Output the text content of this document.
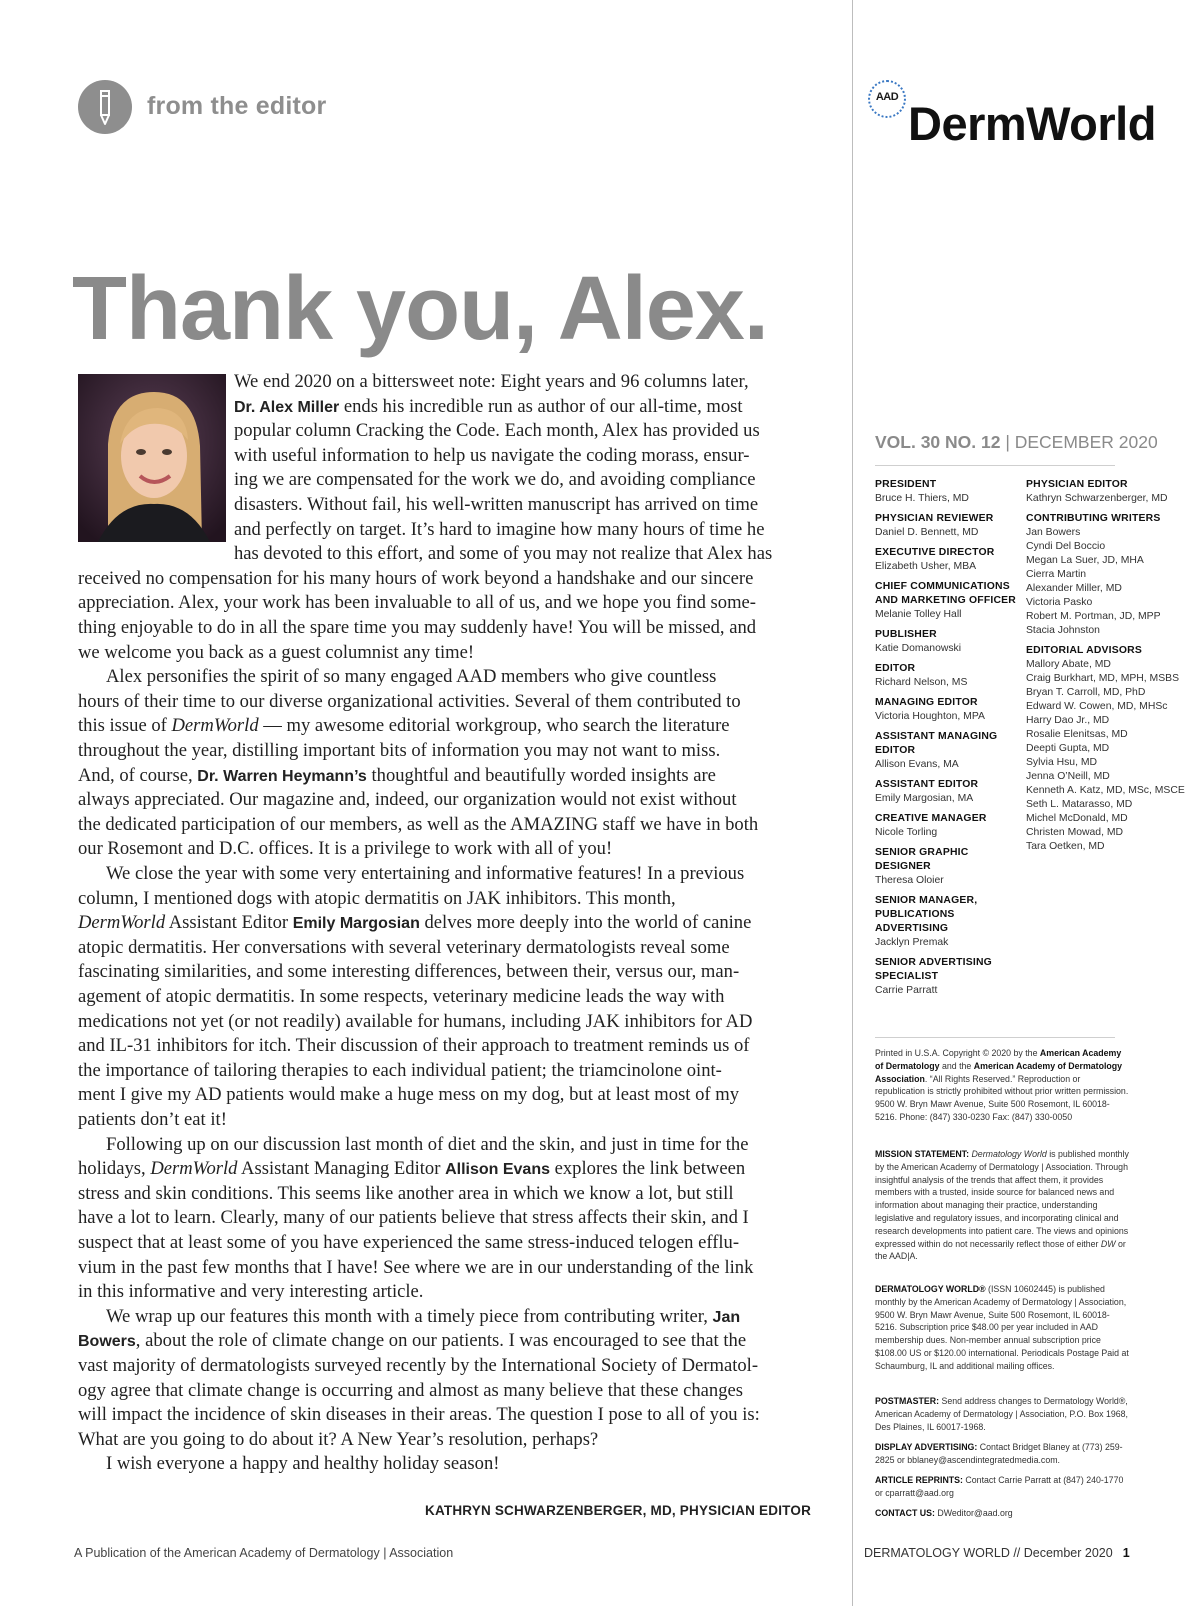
from the editor	AAD DermWorld
Thank you, Alex.
We end 2020 on a bittersweet note: Eight years and 96 columns later,
Dr. Alex Miller ends his incredible run as author of our all-time, most
popular column Cracking the Code. Each month, Alex has provided us
with useful information to help us navigate the coding morass, ensur-
ing we are compensated for the work we do, and avoiding compliance
disasters. Without fail, his well-written manuscript has arrived on time
and perfectly on target. It’s hard to imagine how many hours of time he
has devoted to this effort, and some of you may not realize that Alex has
received no compensation for his many hours of work beyond a handshake and our sincere
appreciation. Alex, your work has been invaluable to all of us, and we hope you find some-
thing enjoyable to do in all the spare time you may suddenly have! You will be missed, and
we welcome you back as a guest columnist any time!
Alex personifies the spirit of so many engaged AAD members who give countless
hours of their time to our diverse organizational activities. Several of them contributed to
this issue of DermWorld — my awesome editorial workgroup, who search the literature
throughout the year, distilling important bits of information you may not want to miss.
And, of course, Dr. Warren Heymann’s thoughtful and beautifully worded insights are
always appreciated. Our magazine and, indeed, our organization would not exist without
the dedicated participation of our members, as well as the AMAZING staff we have in both
our Rosemont and D.C. offices. It is a privilege to work with all of you!
We close the year with some very entertaining and informative features! In a previous
column, I mentioned dogs with atopic dermatitis on JAK inhibitors. This month,
DermWorld Assistant Editor Emily Margosian delves more deeply into the world of canine
atopic dermatitis. Her conversations with several veterinary dermatologists reveal some
fascinating similarities, and some interesting differences, between their, versus our, man-
agement of atopic dermatitis. In some respects, veterinary medicine leads the way with
medications not yet (or not readily) available for humans, including JAK inhibitors for AD
and IL-31 inhibitors for itch. Their discussion of their approach to treatment reminds us of
the importance of tailoring therapies to each individual patient; the triamcinolone oint-
ment I give my AD patients would make a huge mess on my dog, but at least most of my
patients don’t eat it!
Following up on our discussion last month of diet and the skin, and just in time for the
holidays, DermWorld Assistant Managing Editor Allison Evans explores the link between
stress and skin conditions. This seems like another area in which we know a lot, but still
have a lot to learn. Clearly, many of our patients believe that stress affects their skin, and I
suspect that at least some of you have experienced the same stress-induced telogen efflu-
vium in the past few months that I have! See where we are in our understanding of the link
in this informative and very interesting article.
We wrap up our features this month with a timely piece from contributing writer, Jan
Bowers, about the role of climate change on our patients. I was encouraged to see that the
vast majority of dermatologists surveyed recently by the International Society of Dermatol-
ogy agree that climate change is occurring and almost as many believe that these changes
will impact the incidence of skin diseases in their areas. The question I pose to all of you is:
What are you going to do about it? A New Year’s resolution, perhaps?
I wish everyone a happy and healthy holiday season!
KATHRYN SCHWARZENBERGER, MD, PHYSICIAN EDITOR
A Publication of the American Academy of Dermatology | Association
VOL. 30 NO. 12 | DECEMBER 2020
PRESIDENT
Bruce H. Thiers, MD
PHYSICIAN REVIEWER
Daniel D. Bennett, MD
EXECUTIVE DIRECTOR
Elizabeth Usher, MBA
CHIEF COMMUNICATIONS AND MARKETING OFFICER
Melanie Tolley Hall
PUBLISHER
Katie Domanowski
EDITOR
Richard Nelson, MS
MANAGING EDITOR
Victoria Houghton, MPA
ASSISTANT MANAGING EDITOR
Allison Evans, MA
ASSISTANT EDITOR
Emily Margosian, MA
CREATIVE MANAGER
Nicole Torling
SENIOR GRAPHIC DESIGNER
Theresa Oloier
SENIOR MANAGER, PUBLICATIONS ADVERTISING
Jacklyn Premak
SENIOR ADVERTISING SPECIALIST
Carrie Parratt
PHYSICIAN EDITOR
Kathryn Schwarzenberger, MD
CONTRIBUTING WRITERS
Jan Bowers
Cyndi Del Boccio
Megan La Suer, JD, MHA
Cierra Martin
Alexander Miller, MD
Victoria Pasko
Robert M. Portman, JD, MPP
Stacia Johnston
EDITORIAL ADVISORS
Mallory Abate, MD
Craig Burkhart, MD, MPH, MSBS
Bryan T. Carroll, MD, PhD
Edward W. Cowen, MD, MHSc
Harry Dao Jr., MD
Rosalie Elenitsas, MD
Deepti Gupta, MD
Sylvia Hsu, MD
Jenna O’Neill, MD
Kenneth A. Katz, MD, MSc, MSCE
Seth L. Matarasso, MD
Michel McDonald, MD
Christen Mowad, MD
Tara Oetken, MD
Printed in U.S.A. Copyright © 2020 by the American Academy of Dermatology and the American Academy of Dermatology Association. “All Rights Reserved.” Reproduction or republication is strictly prohibited without prior written permission. 9500 W. Bryn Mawr Avenue, Suite 500 Rosemont, IL 60018-5216. Phone: (847) 330-0230 Fax: (847) 330-0050
MISSION STATEMENT: Dermatology World is published monthly by the American Academy of Dermatology | Association. Through insightful analysis of the trends that affect them, it provides members with a trusted, inside source for balanced news and information about managing their practice, understanding legislative and regulatory issues, and incorporating clinical and research developments into patient care. The views and opinions expressed within do not necessarily reflect those of either DW or the AAD|A.
DERMATOLOGY WORLD® (ISSN 10602445) is published monthly by the American Academy of Dermatology | Association, 9500 W. Bryn Mawr Avenue, Suite 500 Rosemont, IL 60018-5216. Subscription price $48.00 per year included in AAD membership dues. Non-member annual subscription price $108.00 US or $120.00 international. Periodicals Postage Paid at Schaumburg, IL and additional mailing offices.
POSTMASTER: Send address changes to Dermatology World®, American Academy of Dermatology | Association, P.O. Box 1968, Des Plaines, IL 60017-1968.
DISPLAY ADVERTISING: Contact Bridget Blaney at (773) 259-2825 or bblaney@ascendintegratedmedia.com.
ARTICLE REPRINTS: Contact Carrie Parratt at (847) 240-1770 or cparratt@aad.org
CONTACT US: DWeditor@aad.org
DERMATOLOGY WORLD // December 2020 1
